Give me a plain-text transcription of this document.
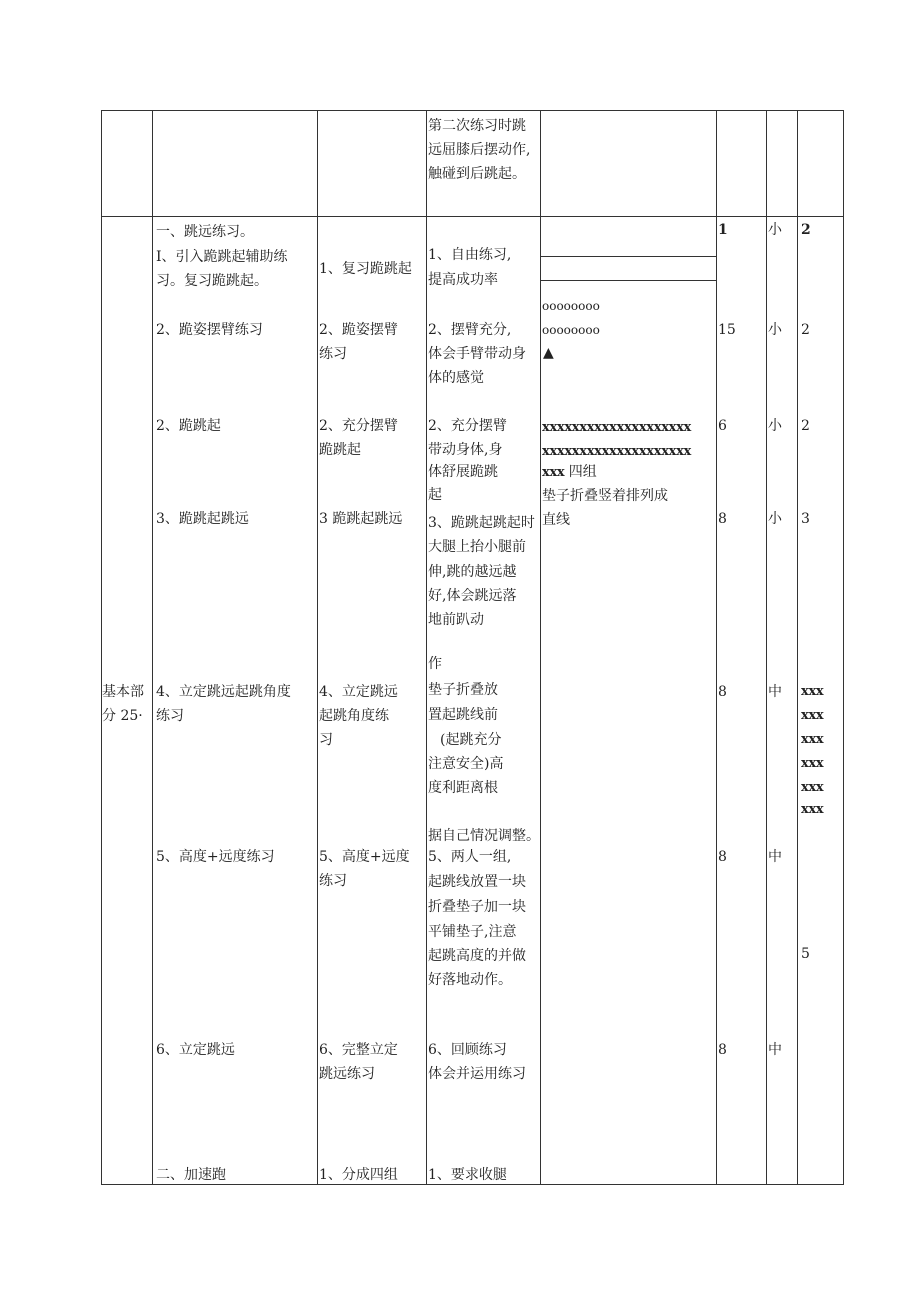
第二次练习时跳
远屈膝后摆动作,
触碰到后跳起。
基本部
分 25·
一、跳远练习。
I、引入跪跳起辅助练
习。复习跪跳起。
2、跪姿摆臂练习
2、跪跳起
3、跪跳起跳远
4、立定跳远起跳角度
练习
5、高度+远度练习
6、立定跳远
二、加速跑
1、复习跪跳起
2、跪姿摆臂
练习
2、充分摆臂
跪跳起
3 跪跳起跳远
4、立定跳远
起跳角度练
习
5、高度+远度
练习
6、完整立定
跳远练习
1、分成四组
1、自由练习,
提高成功率
2、摆臂充分,
体会手臂带动身
体的感觉
2、充分摆臂
带动身体,身
体舒展跪跳
起
3、跪跳起跳起时
大腿上抬小腿前
伸,跳的越远越
好,体会跳远落
地前趴动
作
垫子折叠放
置起跳线前
(起跳充分
注意安全)高
度利距离根
据自己情况调整。
5、两人一组,
起跳线放置一块
折叠垫子加一块
平铺垫子,注意
起跳高度的并做
好落地动作。
6、回顾练习
体会并运用练习
1、要求收腿
oooooooo
oooooooo
▲
xxxxxxxxxxxxxxxxxxxx
xxxxxxxxxxxxxxxxxxxx
xxx 四组
垫子折叠竖着排列成
直线
1
15
6
8
8
8
8
小
小
小
小
中
中
中
2
2
2
3
xxx
xxx
xxx
xxx
xxx
xxx
5
